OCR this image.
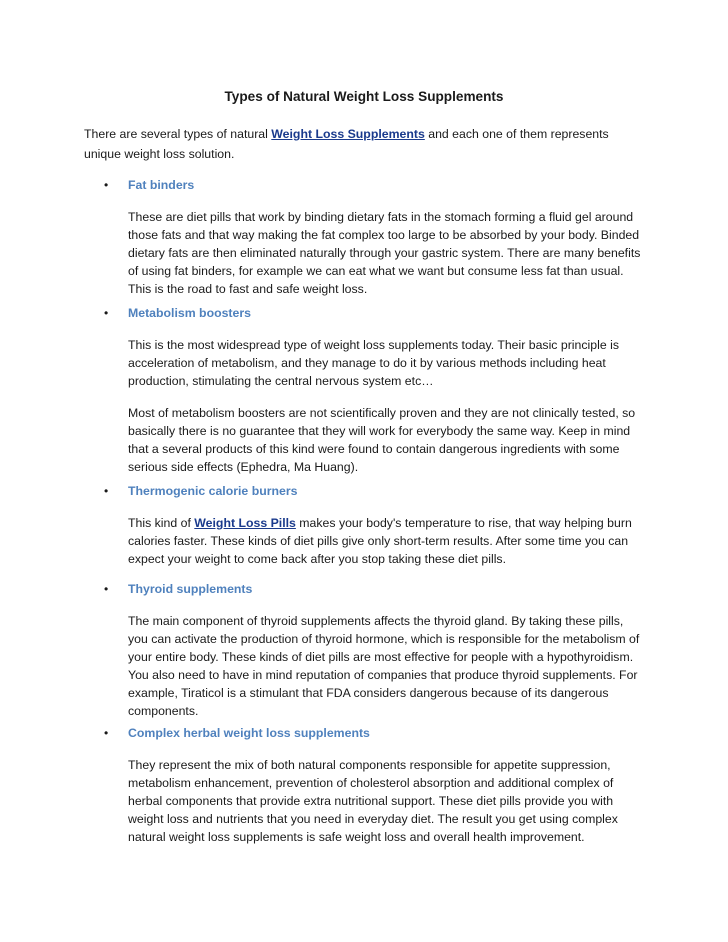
Types of Natural Weight Loss Supplements
There are several types of natural Weight Loss Supplements and each one of them represents unique weight loss solution.
• Fat binders
These are diet pills that work by binding dietary fats in the stomach forming a fluid gel around those fats and that way making the fat complex too large to be absorbed by your body. Binded dietary fats are then eliminated naturally through your gastric system. There are many benefits of using fat binders, for example we can eat what we want but consume less fat than usual. This is the road to fast and safe weight loss.
• Metabolism boosters
This is the most widespread type of weight loss supplements today. Their basic principle is acceleration of metabolism, and they manage to do it by various methods including heat production, stimulating the central nervous system etc…
Most of metabolism boosters are not scientifically proven and they are not clinically tested, so basically there is no guarantee that they will work for everybody the same way. Keep in mind that a several products of this kind were found to contain dangerous ingredients with some serious side effects (Ephedra, Ma Huang).
• Thermogenic calorie burners
This kind of Weight Loss Pills makes your body's temperature to rise, that way helping burn calories faster. These kinds of diet pills give only short-term results. After some time you can expect your weight to come back after you stop taking these diet pills.
• Thyroid supplements
The main component of thyroid supplements affects the thyroid gland. By taking these pills, you can activate the production of thyroid hormone, which is responsible for the metabolism of your entire body. These kinds of diet pills are most effective for people with a hypothyroidism. You also need to have in mind reputation of companies that produce thyroid supplements. For example, Tiraticol is a stimulant that FDA considers dangerous because of its dangerous components.
• Complex herbal weight loss supplements
They represent the mix of both natural components responsible for appetite suppression, metabolism enhancement, prevention of cholesterol absorption and additional complex of herbal components that provide extra nutritional support. These diet pills provide you with weight loss and nutrients that you need in everyday diet. The result you get using complex natural weight loss supplements is safe weight loss and overall health improvement.
